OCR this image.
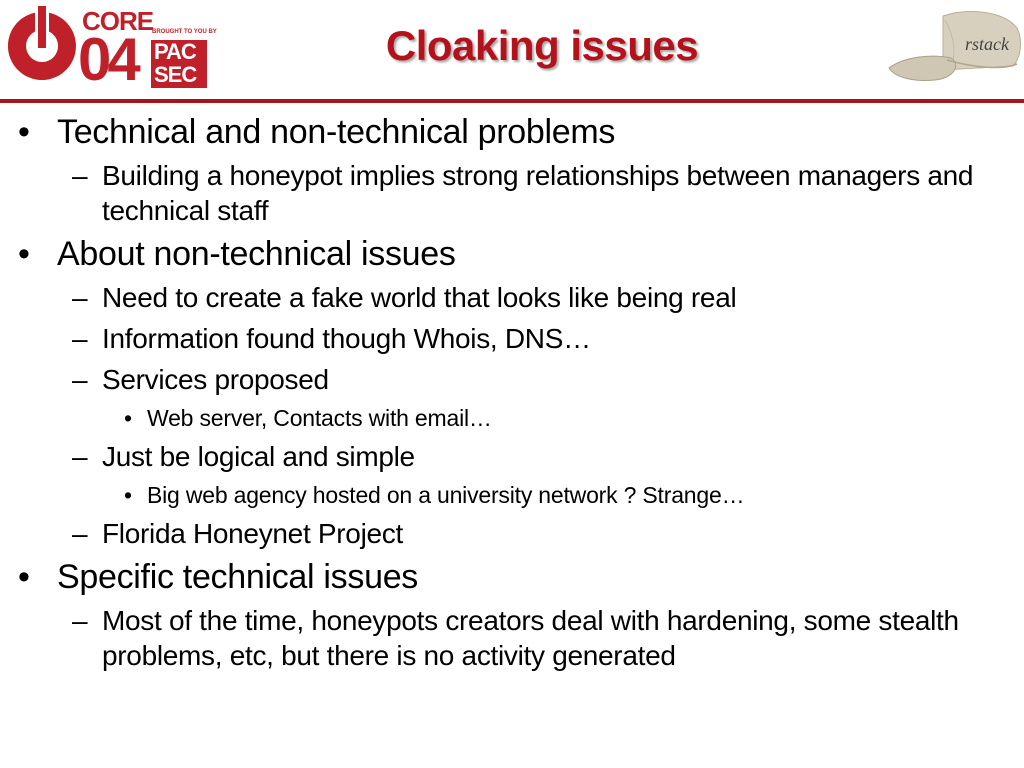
CORE
04	BROUGHT TO YOU BY
PAC
SEC
Cloaking issues	rstack
• Technical and non-technical problems
– Building a honeypot implies strong relationships between managers and technical staff
• About non-technical issues
– Need to create a fake world that looks like being real
– Information found though Whois, DNS…
– Services proposed
• Web server, Contacts with email…
– Just be logical and simple
• Big web agency hosted on a university network ? Strange…
– Florida Honeynet Project
• Specific technical issues
– Most of the time, honeypots creators deal with hardening, some stealth problems, etc, but there is no activity generated
